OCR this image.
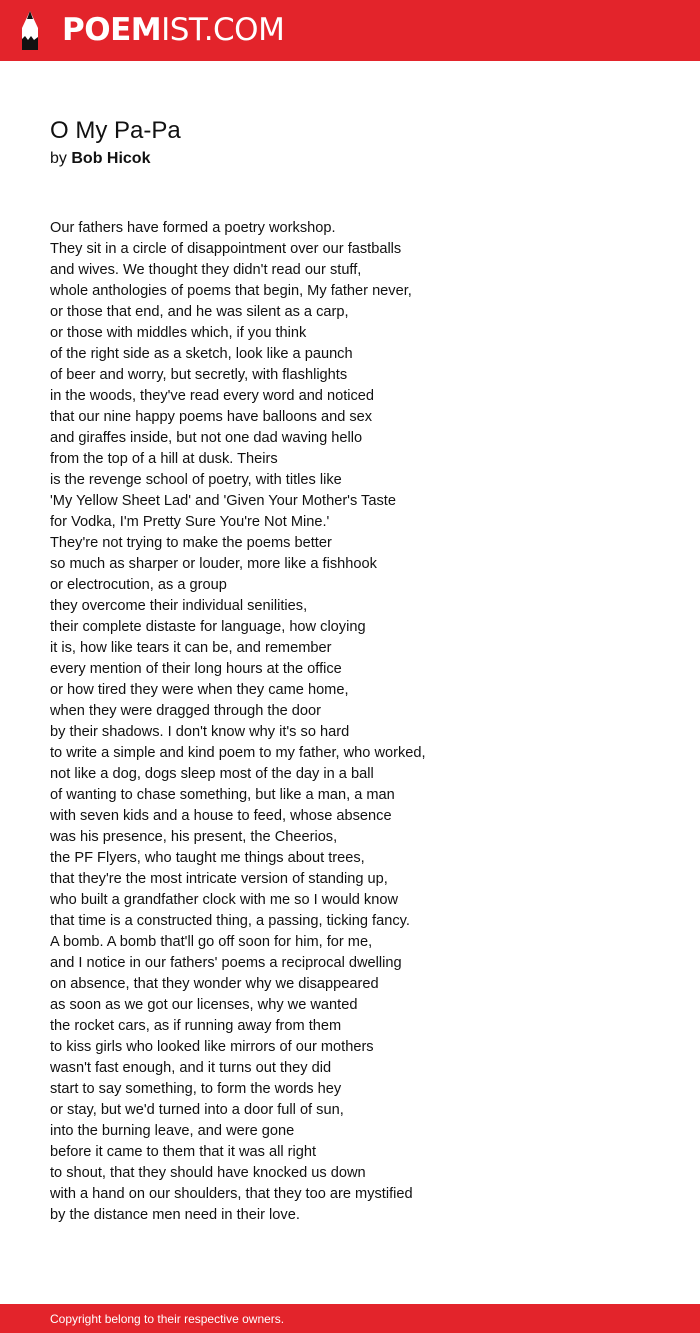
POEMIST.COM
O My Pa-Pa
by Bob Hicok
Our fathers have formed a poetry workshop.
They sit in a circle of disappointment over our fastballs
and wives. We thought they didn't read our stuff,
whole anthologies of poems that begin, My father never,
or those that end, and he was silent as a carp,
or those with middles which, if you think
of the right side as a sketch, look like a paunch
of beer and worry, but secretly, with flashlights
in the woods, they've read every word and noticed
that our nine happy poems have balloons and sex
and giraffes inside, but not one dad waving hello
from the top of a hill at dusk. Theirs
is the revenge school of poetry, with titles like
'My Yellow Sheet Lad' and 'Given Your Mother's Taste
for Vodka, I'm Pretty Sure You're Not Mine.'
They're not trying to make the poems better
so much as sharper or louder, more like a fishhook
or electrocution, as a group
they overcome their individual senilities,
their complete distaste for language, how cloying
it is, how like tears it can be, and remember
every mention of their long hours at the office
or how tired they were when they came home,
when they were dragged through the door
by their shadows. I don't know why it's so hard
to write a simple and kind poem to my father, who worked,
not like a dog, dogs sleep most of the day in a ball
of wanting to chase something, but like a man, a man
with seven kids and a house to feed, whose absence
was his presence, his present, the Cheerios,
the PF Flyers, who taught me things about trees,
that they're the most intricate version of standing up,
who built a grandfather clock with me so I would know
that time is a constructed thing, a passing, ticking fancy.
A bomb. A bomb that'll go off soon for him, for me,
and I notice in our fathers' poems a reciprocal dwelling
on absence, that they wonder why we disappeared
as soon as we got our licenses, why we wanted
the rocket cars, as if running away from them
to kiss girls who looked like mirrors of our mothers
wasn't fast enough, and it turns out they did
start to say something, to form the words hey
or stay, but we'd turned into a door full of sun,
into the burning leave, and were gone
before it came to them that it was all right
to shout, that they should have knocked us down
with a hand on our shoulders, that they too are mystified
by the distance men need in their love.
Copyright belong to their respective owners.
